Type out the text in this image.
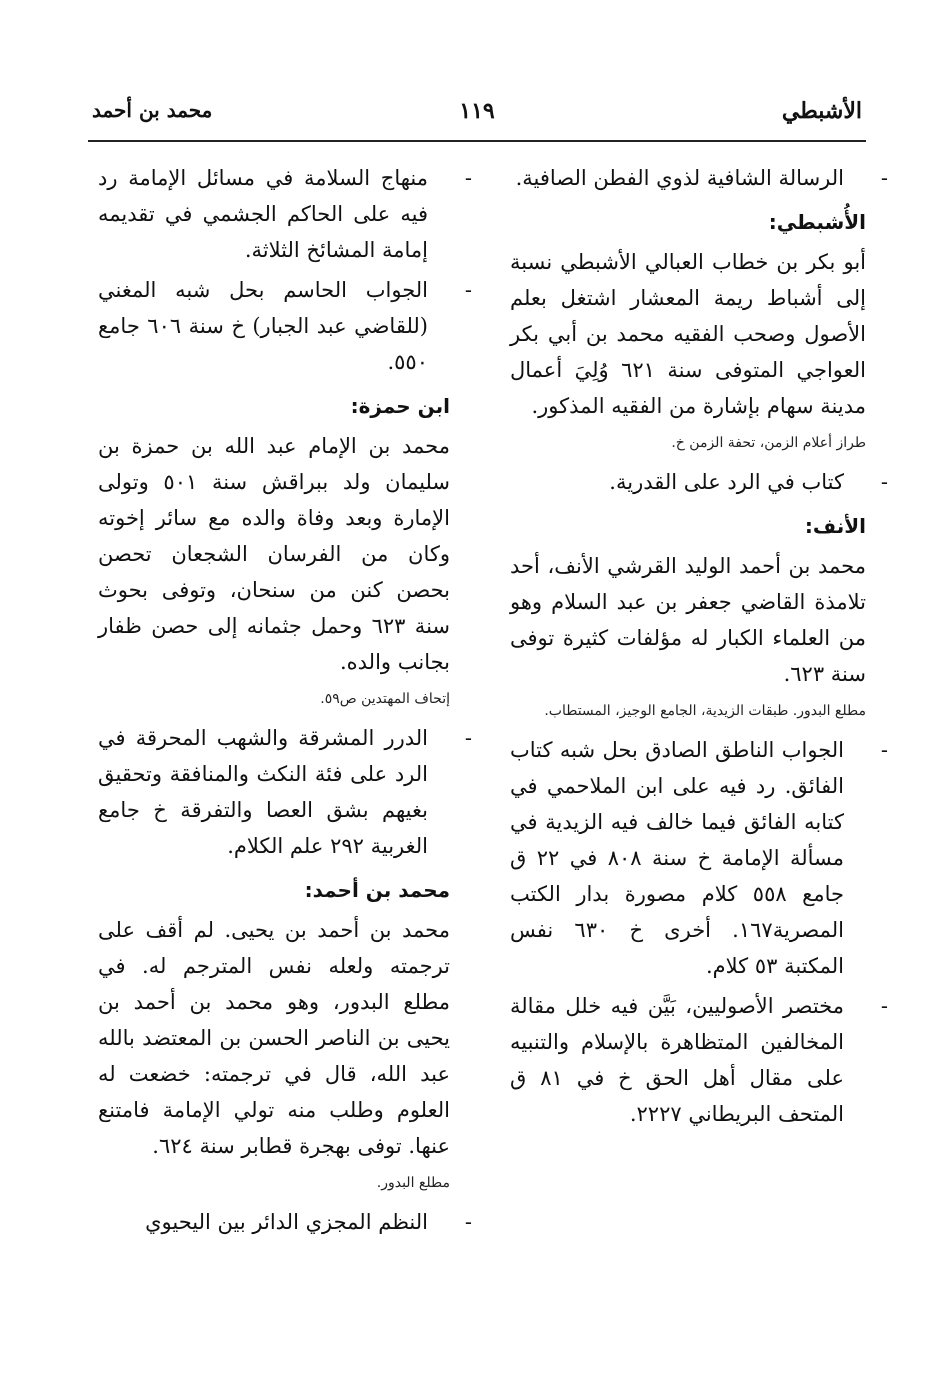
الأشبطي
١١٩
محمد بن أحمد
-الرسالة الشافية لذوي الفطن الصافية.
الأُشبطي:
أبو بكر بن خطاب العبالي الأشبطي نسبة إلى أشباط ريمة المعشار اشتغل بعلم الأصول وصحب الفقيه محمد بن أبي بكر العواجي المتوفى سنة ٦٢١ وُلِيَ أعمال مدينة سهام بإشارة من الفقيه المذكور.
طراز أعلام الزمن، تحفة الزمن خ.
-كتاب في الرد على القدرية.
الأنف:
محمد بن أحمد الوليد القرشي الأنف، أحد تلامذة القاضي جعفر بن عبد السلام وهو من العلماء الكبار له مؤلفات كثيرة توفى سنة ٦٢٣.
مطلع البدور. طبقات الزيدية، الجامع الوجيز، المستطاب.
-الجواب الناطق الصادق بحل شبه كتاب الفائق. رد فيه على ابن الملاحمي في كتابه الفائق فيما خالف فيه الزيدية في مسألة الإمامة خ سنة ٨٠٨ في ٢٢ ق جامع ٥٥٨ كلام مصورة بدار الكتب المصرية١٦٧. أخرى خ ٦٣٠ نفس المكتبة ٥٣ كلام.
-مختصر الأصوليين، بَيَّن فيه خلل مقالة المخالفين المتظاهرة بالإسلام والتنبيه على مقال أهل الحق خ في ٨١ ق المتحف البريطاني ٢٢٢٧.
-منهاج السلامة في مسائل الإمامة رد فيه على الحاكم الجشمي في تقديمه إمامة المشائخ الثلاثة.
-الجواب الحاسم بحل شبه المغني (للقاضي عبد الجبار) خ سنة ٦٠٦ جامع ٥٥٠.
ابن حمزة:
محمد بن الإمام عبد الله بن حمزة بن سليمان ولد ببراقش سنة ٥٠١ وتولى الإمارة وبعد وفاة والده مع سائر إخوته وكان من الفرسان الشجعان تحصن بحصن كنن من سنحان، وتوفى بحوث سنة ٦٢٣ وحمل جثمانه إلى حصن ظفار بجانب والده.
إتحاف المهتدين ص٥٩.
-الدرر المشرقة والشهب المحرقة في الرد على فئة النكث والمنافقة وتحقيق بغيهم بشق العصا والتفرقة خ جامع الغربية ٢٩٢ علم الكلام.
محمد بن أحمد:
محمد بن أحمد بن يحيى. لم أقف على ترجمته ولعله نفس المترجم له. في مطلع البدور، وهو محمد بن أحمد بن يحيى بن الناصر الحسن بن المعتضد بالله عبد الله، قال في ترجمته: خضعت له العلوم وطلب منه تولي الإمامة فامتنع عنها. توفى بهجرة قطابر سنة ٦٢٤.
مطلع البدور.
-النظم المجزي الدائر بين اليحيوي
